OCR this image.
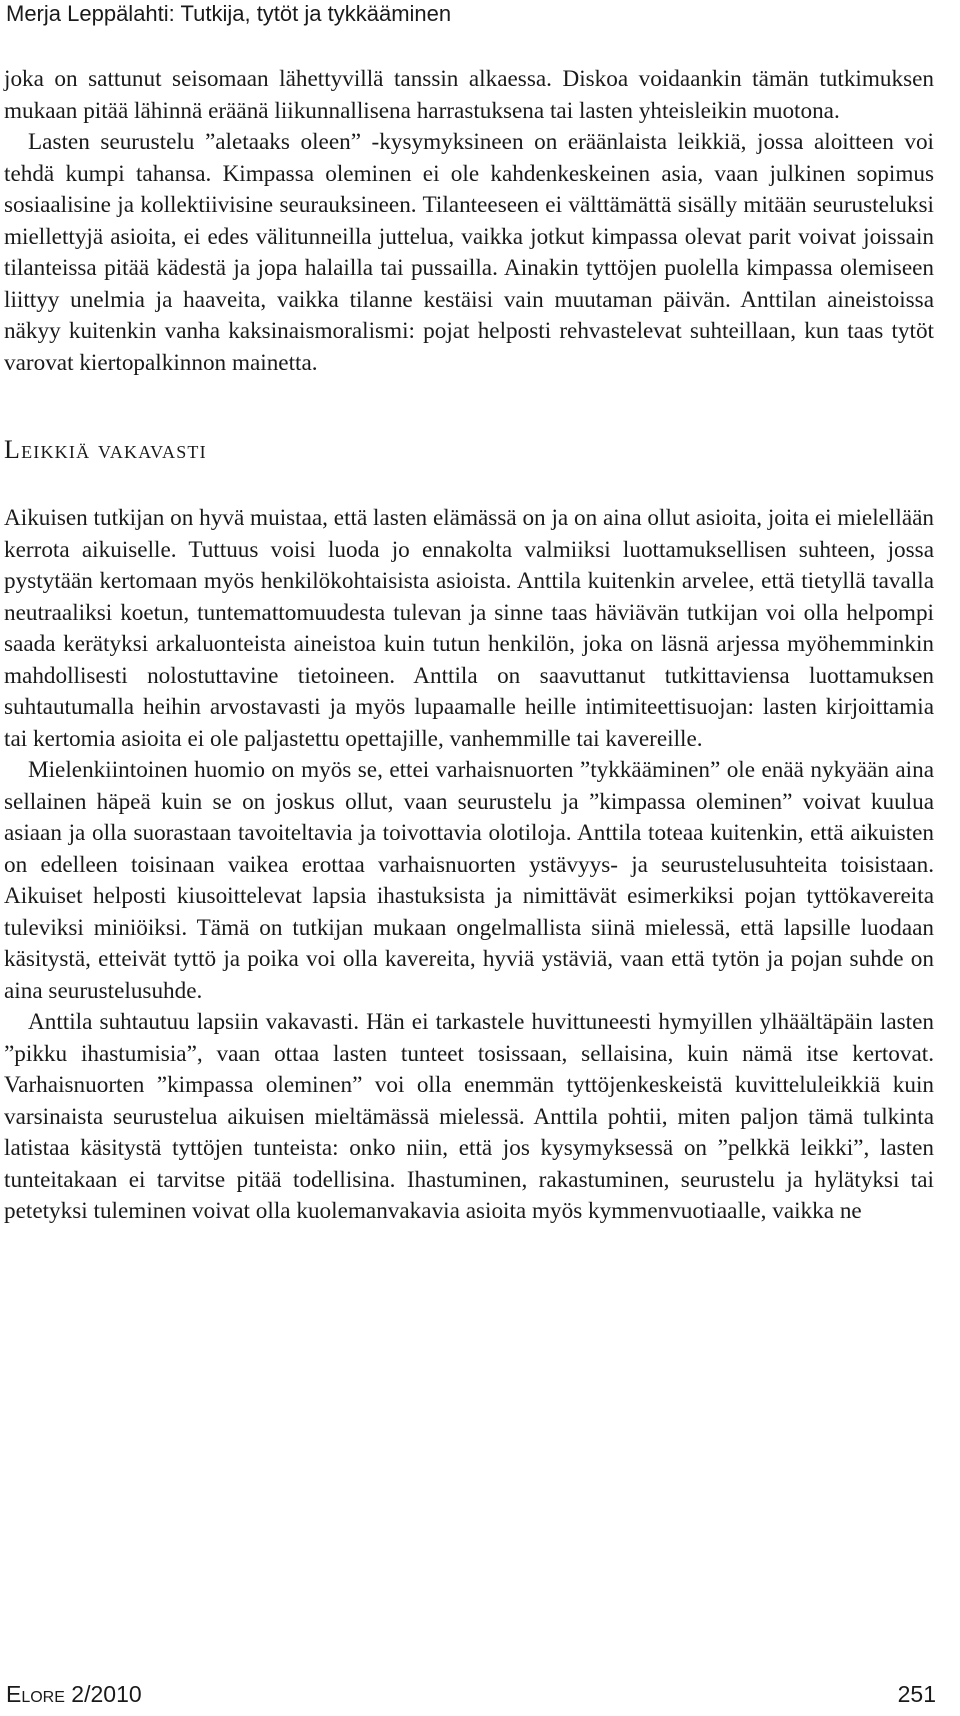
Merja Leppälahti: Tutkija, tytöt ja tykkääminen

joka on sattunut seisomaan lähettyvillä tanssin alkaessa. Diskoa voidaankin tämän tutkimuksen mukaan pitää lähinnä eräänä liikunnallisena harrastuksena tai lasten yhteisleikin muotona.

Lasten seurustelu ”aletaaks oleen” -kysymyksineen on eräänlaista leikkiä, jossa aloitteen voi tehdä kumpi tahansa. Kimpassa oleminen ei ole kahdenkeskeinen asia, vaan julkinen sopimus sosiaalisine ja kollektiivisine seurauksineen. Tilanteeseen ei välttämättä sisälly mitään seurusteluksi miellettyjä asioita, ei edes välitunneilla juttelua, vaikka jotkut kimpassa olevat parit voivat joissain tilanteissa pitää kädestä ja jopa halailla tai pussailla. Ainakin tyttöjen puolella kimpassa olemiseen liittyy unelmia ja haaveita, vaikka tilanne kestäisi vain muutaman päivän. Anttilan aineistoissa näkyy kuitenkin vanha kaksinaismoralismi: pojat helposti rehvastelevat suhteillaan, kun taas tytöt varovat kiertopalkinnon mainetta.

Leikkiä vakavasti

Aikuisen tutkijan on hyvä muistaa, että lasten elämässä on ja on aina ollut asioita, joita ei mielellään kerrota aikuiselle. Tuttuus voisi luoda jo ennakolta valmiiksi luottamuksellisen suhteen, jossa pystytään kertomaan myös henkilökohtaisista asioista. Anttila kuitenkin arvelee, että tietyllä tavalla neutraaliksi koetun, tuntemattomuudesta tulevan ja sinne taas häviävän tutkijan voi olla helpompi saada kerätyksi arkaluonteista aineistoa kuin tutun henkilön, joka on läsnä arjessa myöhemminkin mahdollisesti nolostuttavine tietoineen. Anttila on saavuttanut tutkittaviensa luottamuksen suhtautumalla heihin arvostavasti ja myös lupaamalle heille intimiteettisuojan: lasten kirjoittamia tai kertomia asioita ei ole paljastettu opettajille, vanhemmille tai kavereille.

Mielenkiintoinen huomio on myös se, ettei varhaisnuorten ”tykkääminen” ole enää nykyään aina sellainen häpeä kuin se on joskus ollut, vaan seurustelu ja ”kimpassa oleminen” voivat kuulua asiaan ja olla suorastaan tavoiteltavia ja toivottavia olotiloja. Anttila toteaa kuitenkin, että aikuisten on edelleen toisinaan vaikea erottaa varhaisnuorten ystävyys- ja seurustelusuhteita toisistaan. Aikuiset helposti kiusoittelevat lapsia ihastuksista ja nimittävät esimerkiksi pojan tyttökavereita tuleviksi miniöiksi. Tämä on tutkijan mukaan ongelmallista siinä mielessä, että lapsille luodaan käsitystä, etteivät tyttö ja poika voi olla kavereita, hyviä ystäviä, vaan että tytön ja pojan suhde on aina seurustelusuhde.

Anttila suhtautuu lapsiin vakavasti. Hän ei tarkastele huvittuneesti hymyillen ylhäältäpäin lasten ”pikku ihastumisia”, vaan ottaa lasten tunteet tosissaan, sellaisina, kuin nämä itse kertovat. Varhaisnuorten ”kimpassa oleminen” voi olla enemmän tyttöjenkeskeistä kuvitteluleikkiä kuin varsinaista seurustelua aikuisen mieltämässä mielessä. Anttila pohtii, miten paljon tämä tulkinta latistaa käsitystä tyttöjen tunteista: onko niin, että jos kysymyksessä on ”pelkkä leikki”, lasten tunteitakaan ei tarvitse pitää todellisina. Ihastuminen, rakastuminen, seurustelu ja hylätyksi tai petetyksi tuleminen voivat olla kuolemanvakavia asioita myös kymmenvuotiaalle, vaikka ne

Elore 2/2010	251
